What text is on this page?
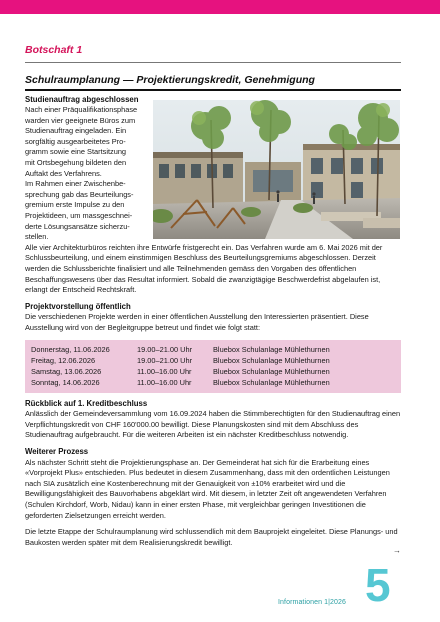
Botschaft 1
Schulraumplanung — Projektierungskredit, Genehmigung
Studienauftrag abgeschlossen
Nach einer Präqualifikationsphase
warden vier geeignete Büros zum
Studienauftrag eingeladen. Ein
sorgfältig ausgearbeitetes Pro-
gramm sowie eine Startsitzung
mit Ortsbegehung bildeten den
Auftakt des Verfahrens.
Im Rahmen einer Zwischenbe-
sprechung gab das Beurteilungs-
gremium erste Impulse zu den
Projektideen, um massgeschnei-
derte Lösungsansätze sicherzu-
stellen.
Alle vier Architekturbüros reichten ihre Entwürfe fristgerecht ein. Das Verfahren wurde am 6. Mai 2026 mit der Schlussbeurteilung, und einem einstimmigen Beschluss des Beurteilungsgremiums abgeschlossen. Derzeit werden die Schlussberichte finalisiert und alle Teilnehmenden gemäss den Vorgaben des öffentlichen Beschaffungswesens über das Resultat informiert. Sobald die zwanzigtägige Beschwerdefrist abgelaufen ist, erlangt der Entscheid Rechtskraft.
Projektvorstellung öffentlich
Die verschiedenen Projekte werden in einer öffentlichen Ausstellung den Interessierten präsentiert. Diese Ausstellung wird von der Begleitgruppe betreut und findet wie folgt statt:
Donnerstag, 11.06.2026	19.00–21.00 Uhr	Bluebox Schulanlage Mühlethurnen
Freitag, 12.06.2026	19.00–21.00 Uhr	Bluebox Schulanlage Mühlethurnen
Samstag, 13.06.2026	11.00–16.00 Uhr	Bluebox Schulanlage Mühlethurnen
Sonntag, 14.06.2026	11.00–16.00 Uhr	Bluebox Schulanlage Mühlethurnen
Rückblick auf 1. Kreditbeschluss
Anlässlich der Gemeindeversammlung vom 16.09.2024 haben die Stimmberechtigten für den Studienauftrag einen Verpflichtungskredit von CHF 160'000.00 bewilligt. Diese Planungskosten sind mit dem Abschluss des Studienauftrag aufgebraucht. Für die weiteren Arbeiten ist ein nächster Kreditbeschluss notwendig.
Weiterer Prozess
Als nächster Schritt steht die Projektierungsphase an. Der Gemeinderat hat sich für die Erarbeitung eines «Vorprojekt Plus» entschieden. Plus bedeutet in diesem Zusammenhang, dass mit den ordentlichen Leistungen nach SIA zusätzlich eine Kostenberechnung mit der Genauigkeit von ±10% erarbeitet wird und die Bewilligungsfähigkeit des Bauvorhabens abgeklärt wird. Mit diesem, in letzter Zeit oft angewendeten Verfahren (Schulen Kirchdorf, Worb, Nidau) kann in einer ersten Phase, mit vergleichbar geringen Investitionen die geforderten Zielsetzungen erreicht werden.
Die letzte Etappe der Schulraumplanung wird schlussendlich mit dem Bauprojekt eingeleitet. Diese Planungs- und Baukosten werden später mit dem Realisierungskredit bewilligt.
→
Informationen 1|2026 5
